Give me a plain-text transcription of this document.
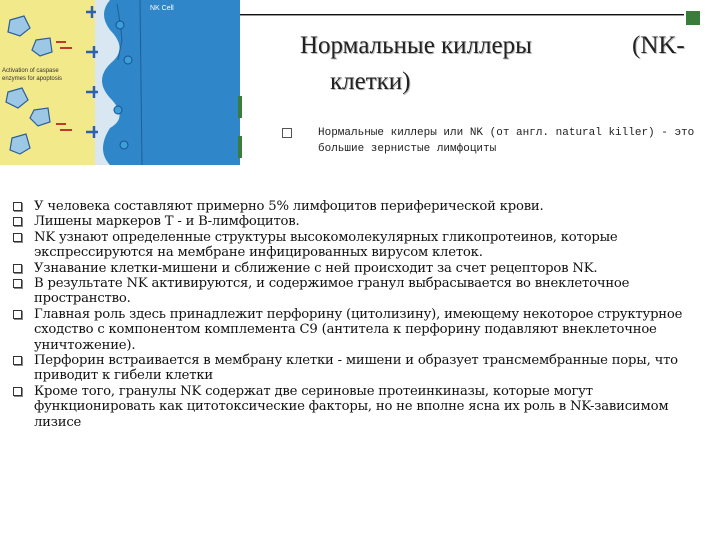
NK Cell
Activation of caspase
enzymes for apoptosis
Нормальные киллеры	(NK-
клетки)
Нормальные киллеры или NK (от англ. natural killer) - это большие зернистые лимфоциты
У человека составляют примерно 5% лимфоцитов периферической крови.
Лишены маркеров Т - и В-лимфоцитов.
NK узнают определенные структуры высокомолекулярных гликопротеинов, которые экспрессируются на мембране инфицированных вирусом клеток.
Узнавание клетки-мишени и сближение с ней происходит за счет рецепторов NK.
В результате NK активируются, и содержимое гранул выбрасывается во внеклеточное пространство.
Главная роль здесь принадлежит перфорину (цитолизину), имеющему некоторое структурное сходство с компонентом комплемента C9 (антитела к перфорину подавляют внеклеточное уничтожение).
Перфорин встраивается в мембрану клетки - мишени и образует трансмембранные поры, что приводит к гибели клетки
Кроме того, гранулы NK содержат две сериновые протеинкиназы, которые могут функционировать как цитотоксические факторы, но не вполне ясна их роль в NK-зависимом лизисе
